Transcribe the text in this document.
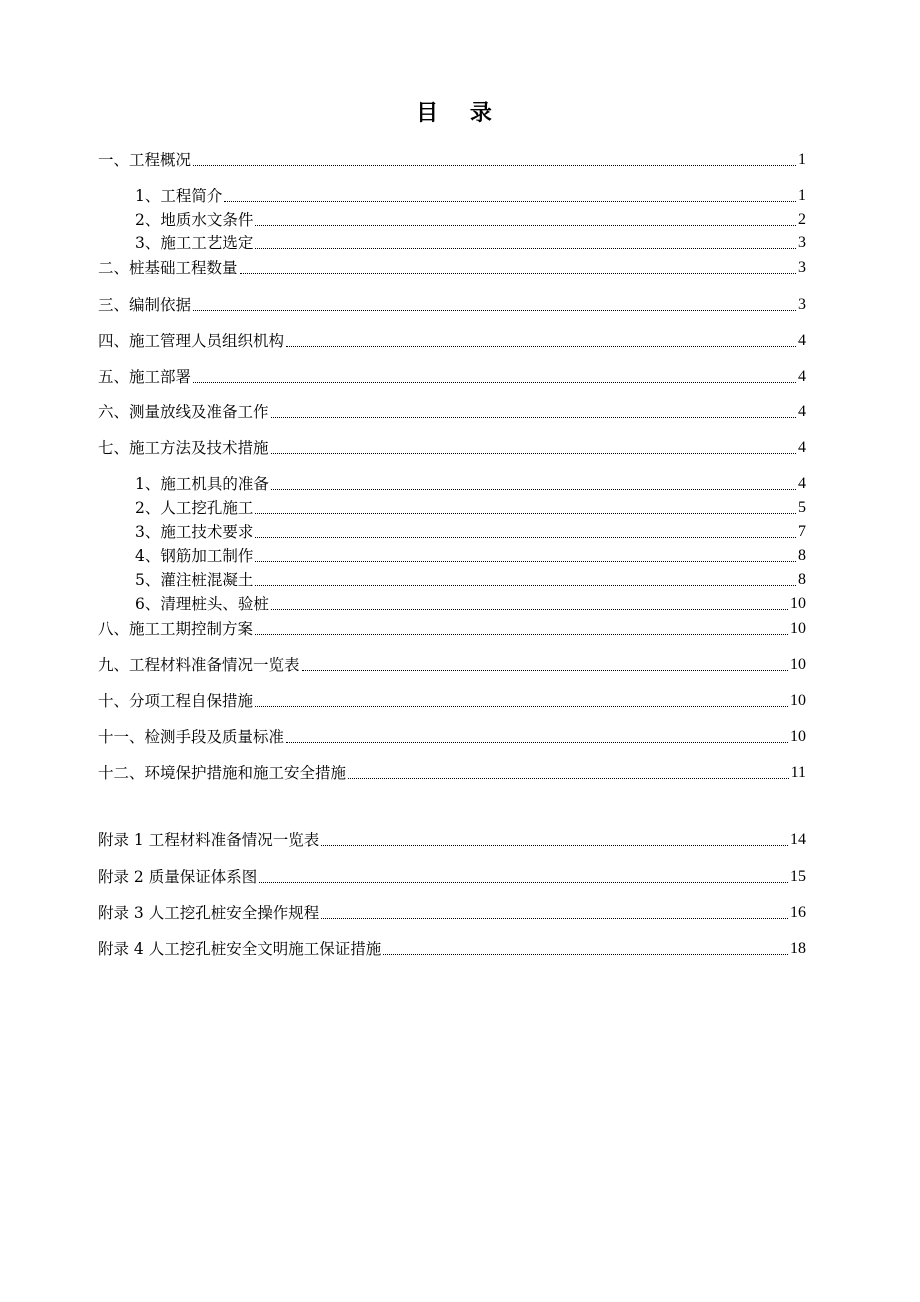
目 录
一、工程概况	1
1、工程简介	1
2、地质水文条件	2
3、施工工艺选定	3
二、桩基础工程数量	3
三、编制依据	3
四、施工管理人员组织机构	4
五、施工部署	4
六、测量放线及准备工作	4
七、施工方法及技术措施	4
1、施工机具的准备	4
2、人工挖孔施工	5
3、施工技术要求	7
4、钢筋加工制作	8
5、灌注桩混凝土	8
6、清理桩头、验桩	10
八、施工工期控制方案	10
九、工程材料准备情况一览表	10
十、分项工程自保措施	10
十一、检测手段及质量标准	10
十二、环境保护措施和施工安全措施	11
附录 1 工程材料准备情况一览表	14
附录 2 质量保证体系图	15
附录 3 人工挖孔桩安全操作规程	16
附录 4 人工挖孔桩安全文明施工保证措施	18
